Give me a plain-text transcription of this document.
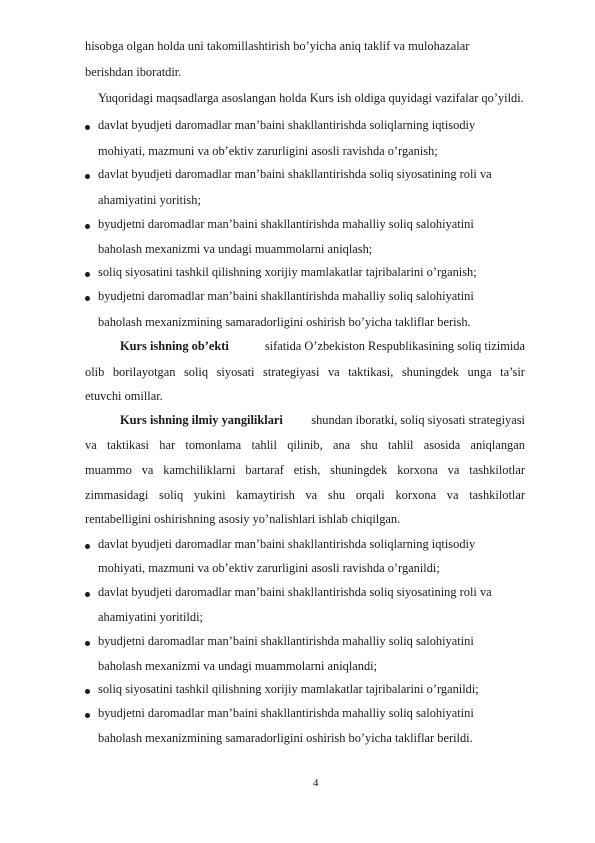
hisobga olgan holda uni takomillashtirish bo’yicha aniq taklif va mulohazalar
berishdan iboratdir.
Yuqoridagi maqsadlarga asoslangan holda Kurs ish oldiga quyidagi vazifalar qo’yildi.
davlat byudjeti daromadlar man’baini shakllantirishda soliqlarning iqtisodiy
mohiyati, mazmuni va ob’ektiv zarurligini asosli ravishda o’rganish;
davlat byudjeti daromadlar man’baini shakllantirishda soliq siyosatining roli va
ahamiyatini yoritish;
byudjetni daromadlar man’baini shakllantirishda mahalliy soliq salohiyatini
baholash mexanizmi va undagi muammolarni aniqlash;
soliq siyosatini tashkil qilishning xorijiy mamlakatlar tajribalarini o’rganish;
byudjetni daromadlar man’baini shakllantirishda mahalliy soliq salohiyatini
baholash mexanizmining samaradorligini oshirish bo’yicha takliflar berish.
Kurs ishning ob’ekti	sifatida O’zbekiston Respublikasining soliq tizimida
olib borilayotgan soliq siyosati strategiyasi va taktikasi, shuningdek unga ta’sir
etuvchi omillar.
Kurs ishning ilmiy yangiliklari shundan iboratki, soliq siyosati strategiyasi
va taktikasi har tomonlama tahlil qilinib, ana shu tahlil asosida aniqlangan
muammo va kamchiliklarni bartaraf etish, shuningdek korxona va tashkilotlar
zimmasidagi soliq yukini kamaytirish va shu orqali korxona va tashkilotlar
rentabelligini oshirishning asosiy yo’nalishlari ishlab chiqilgan.
davlat byudjeti daromadlar man’baini shakllantirishda soliqlarning iqtisodiy
mohiyati, mazmuni va ob’ektiv zarurligini asosli ravishda o’rganildi;
davlat byudjeti daromadlar man’baini shakllantirishda soliq siyosatining roli va
ahamiyatini yoritildi;
byudjetni daromadlar man’baini shakllantirishda mahalliy soliq salohiyatini
baholash mexanizmi va undagi muammolarni aniqlandi;
soliq siyosatini tashkil qilishning xorijiy mamlakatlar tajribalarini o’rganildi;
byudjetni daromadlar man’baini shakllantirishda mahalliy soliq salohiyatini
baholash mexanizmining samaradorligini oshirish bo’yicha takliflar berildi.
4
